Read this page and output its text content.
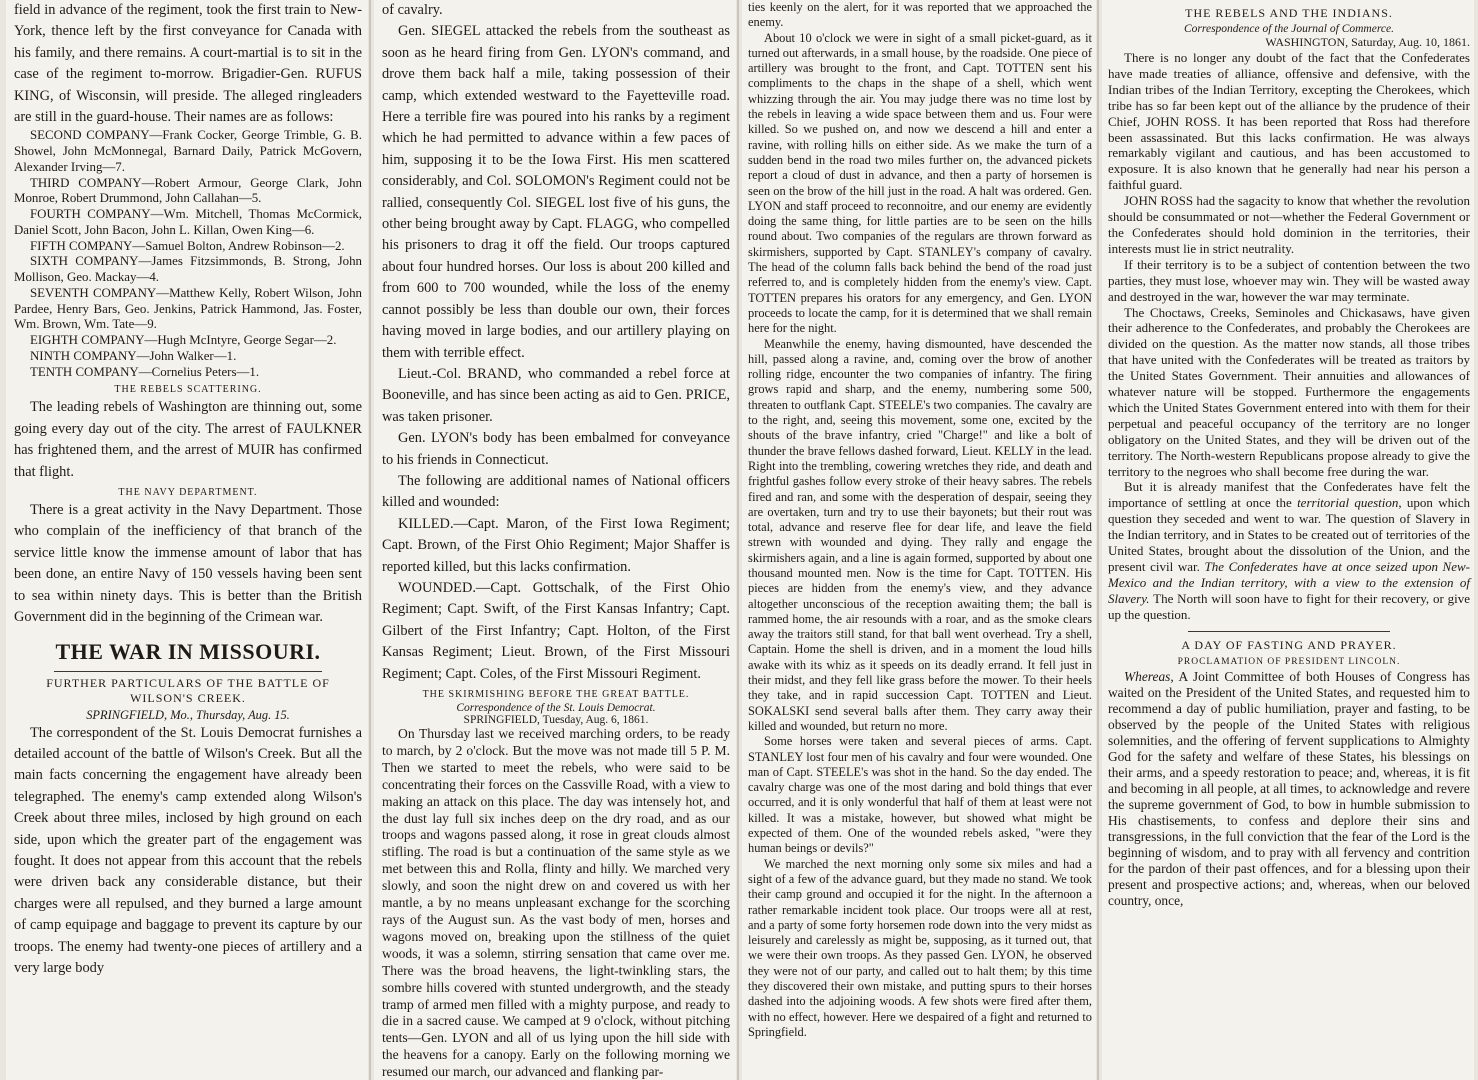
field in advance of the regiment, took the first train to New-York, thence left by the first conveyance for Canada with his family, and there remains. A court-martial is to sit in the case of the regiment to-morrow. Brigadier-Gen. RUFUS KING, of Wisconsin, will preside. The alleged ringleaders are still in the guard-house. Their names are as follows:

SECOND COMPANY—Frank Cocker, George Trimble, G. B. Showel, John McMonnegal, Barnard Daily, Patrick McGovern, Alexander Irving—7.

THIRD COMPANY—Robert Armour, George Clark, John Monroe, Robert Drummond, John Callahan—5.

FOURTH COMPANY—Wm. Mitchell, Thomas McCormick, Daniel Scott, John Bacon, John L. Killan, Owen King—6.

FIFTH COMPANY—Samuel Bolton, Andrew Robinson—2.

SIXTH COMPANY—James Fitzsimmonds, B. Strong, John Mollison, Geo. Mackay—4.

SEVENTH COMPANY—Matthew Kelly, Robert Wilson, John Pardee, Henry Bars, Geo. Jenkins, Patrick Hammond, Jas. Foster, Wm. Brown, Wm. Tate—9.

EIGHTH COMPANY—Hugh McIntyre, George Segar—2.

NINTH COMPANY—John Walker—1.

TENTH COMPANY—Cornelius Peters—1.

THE REBELS SCATTERING.

The leading rebels of Washington are thinning out, some going every day out of the city. The arrest of FAULKNER has frightened them, and the arrest of MUIR has confirmed that flight.

THE NAVY DEPARTMENT.

There is a great activity in the Navy Department. Those who complain of the inefficiency of that branch of the service little know the immense amount of labor that has been done, an entire Navy of 150 vessels having been sent to sea within ninety days. This is better than the British Government did in the beginning of the Crimean war.

THE WAR IN MISSOURI.
FURTHER PARTICULARS OF THE BATTLE OF WILSON'S CREEK.
SPRINGFIELD, Mo., Thursday, Aug. 15.

The correspondent of the St. Louis Democrat furnishes a detailed account of the battle of Wilson's Creek. But all the main facts concerning the engagement have already been telegraphed. The enemy's camp extended along Wilson's Creek about three miles, inclosed by high ground on each side, upon which the greater part of the engagement was fought. It does not appear from this account that the rebels were driven back any considerable distance, but their charges were all repulsed, and they burned a large amount of camp equipage and baggage to prevent its capture by our troops. The enemy had twenty-one pieces of artillery and a very large body

of cavalry.

Gen. SIEGEL attacked the rebels from the southeast as soon as he heard firing from Gen. LYON's command, and drove them back half a mile, taking possession of their camp, which extended westward to the Fayetteville road. Here a terrible fire was poured into his ranks by a regiment which he had permitted to advance within a few paces of him, supposing it to be the Iowa First. His men scattered considerably, and Col. SOLOMON's Regiment could not be rallied, consequently Col. SIEGEL lost five of his guns, the other being brought away by Capt. FLAGG, who compelled his prisoners to drag it off the field. Our troops captured about four hundred horses. Our loss is about 200 killed and from 600 to 700 wounded, while the loss of the enemy cannot possibly be less than double our own, their forces having moved in large bodies, and our artillery playing on them with terrible effect.

Lieut.-Col. BRAND, who commanded a rebel force at Booneville, and has since been acting as aid to Gen. PRICE, was taken prisoner.

Gen. LYON's body has been embalmed for conveyance to his friends in Connecticut.

The following are additional names of National officers killed and wounded:

KILLED.—Capt. Maron, of the First Iowa Regiment; Capt. Brown, of the First Ohio Regiment; Major Shaffer is reported killed, but this lacks confirmation.

WOUNDED.—Capt. Gottschalk, of the First Ohio Regiment; Capt. Swift, of the First Kansas Infantry; Capt. Gilbert of the First Infantry; Capt. Holton, of the First Kansas Regiment; Lieut. Brown, of the First Missouri Regiment; Capt. Coles, of the First Missouri Regiment.

THE SKIRMISHING BEFORE THE GREAT BATTLE.
Correspondence of the St. Louis Democrat.
SPRINGFIELD, Tuesday, Aug. 6, 1861.

On Thursday last we received marching orders, to be ready to march, by 2 o'clock. But the move was not made till 5 P. M. Then we started to meet the rebels, who were said to be concentrating their forces on the Cassville Road, with a view to making an attack on this place. The day was intensely hot, and the dust lay full six inches deep on the dry road, and as our troops and wagons passed along, it rose in great clouds almost stifling. The road is but a continuation of the same style as we met between this and Rolla, flinty and hilly. We marched very slowly, and soon the night drew on and covered us with her mantle, a by no means unpleasant exchange for the scorching rays of the August sun. As the vast body of men, horses and wagons moved on, breaking upon the stillness of the quiet woods, it was a solemn, stirring sensation that came over me. There was the broad heavens, the light-twinkling stars, the sombre hills covered with stunted undergrowth, and the steady tramp of armed men filled with a mighty purpose, and ready to die in a sacred cause. We camped at 9 o'clock, without pitching tents—Gen. LYON and all of us lying upon the hill side with the heavens for a canopy. Early on the following morning we resumed our march, our advanced and flanking par-

ties keenly on the alert, for it was reported that we approached the enemy.

About 10 o'clock we were in sight of a small picket-guard, as it turned out afterwards, in a small house, by the roadside. One piece of artillery was brought to the front, and Capt. TOTTEN sent his compliments to the chaps in the shape of a shell, which went whizzing through the air. You may judge there was no time lost by the rebels in leaving a wide space between them and us. Four were killed. So we pushed on, and now we descend a hill and enter a ravine, with rolling hills on either side. As we make the turn of a sudden bend in the road two miles further on, the advanced pickets report a cloud of dust in advance, and then a party of horsemen is seen on the brow of the hill just in the road. A halt was ordered. Gen. LYON and staff proceed to reconnoitre, and our enemy are evidently doing the same thing, for little parties are to be seen on the hills round about. Two companies of the regulars are thrown forward as skirmishers, supported by Capt. STANLEY's company of cavalry. The head of the column falls back behind the bend of the road just referred to, and is completely hidden from the enemy's view. Capt. TOTTEN prepares his orators for any emergency, and Gen. LYON proceeds to locate the camp, for it is determined that we shall remain here for the night.

Meanwhile the enemy, having dismounted, have descended the hill, passed along a ravine, and, coming over the brow of another rolling ridge, encounter the two companies of infantry. The firing grows rapid and sharp, and the enemy, numbering some 500, threaten to outflank Capt. STEELE's two companies. The cavalry are to the right, and, seeing this movement, some one, excited by the shouts of the brave infantry, cried "Charge!" and like a bolt of thunder the brave fellows dashed forward, Lieut. KELLY in the lead. Right into the trembling, cowering wretches they ride, and death and frightful gashes follow every stroke of their heavy sabres. The rebels fired and ran, and some with the desperation of despair, seeing they are overtaken, turn and try to use their bayonets; but their rout was total, advance and reserve flee for dear life, and leave the field strewn with wounded and dying. They rally and engage the skirmishers again, and a line is again formed, supported by about one thousand mounted men. Now is the time for Capt. TOTTEN. His pieces are hidden from the enemy's view, and they advance altogether unconscious of the reception awaiting them; the ball is rammed home, the air resounds with a roar, and as the smoke clears away the traitors still stand, for that ball went overhead. Try a shell, Captain. Home the shell is driven, and in a moment the loud hills awake with its whiz as it speeds on its deadly errand. It fell just in their midst, and they fell like grass before the mower. To their heels they take, and in rapid succession Capt. TOTTEN and Lieut. SOKALSKI send several balls after them. They carry away their killed and wounded, but return no more.

Some horses were taken and several pieces of arms. Capt. STANLEY lost four men of his cavalry and four were wounded. One man of Capt. STEELE's was shot in the hand. So the day ended. The cavalry charge was one of the most daring and bold things that ever occurred, and it is only wonderful that half of them at least were not killed. It was a mistake, however, but showed what might be expected of them. One of the wounded rebels asked, "were they human beings or devils?"

We marched the next morning only some six miles and had a sight of a few of the advance guard, but they made no stand. We took their camp ground and occupied it for the night. In the afternoon a rather remarkable incident took place. Our troops were all at rest, and a party of some forty horsemen rode down into the very midst as leisurely and carelessly as might be, supposing, as it turned out, that we were their own troops. As they passed Gen. LYON, he observed they were not of our party, and called out to halt them; by this time they discovered their own mistake, and putting spurs to their horses dashed into the adjoining woods. A few shots were fired after them, with no effect, however. Here we despaired of a fight and returned to Springfield.

THE REBELS AND THE INDIANS.
Correspondence of the Journal of Commerce.
WASHINGTON, Saturday, Aug. 10, 1861.

There is no longer any doubt of the fact that the Confederates have made treaties of alliance, offensive and defensive, with the Indian tribes of the Indian Territory, excepting the Cherokees, which tribe has so far been kept out of the alliance by the prudence of their Chief, JOHN ROSS. It has been reported that Ross had therefore been assassinated. But this lacks confirmation. He was always remarkably vigilant and cautious, and has been accustomed to exposure. It is also known that he generally had near his person a faithful guard.

JOHN ROSS had the sagacity to know that whether the revolution should be consummated or not—whether the Federal Government or the Confederates should hold dominion in the territories, their interests must lie in strict neutrality.

If their territory is to be a subject of contention between the two parties, they must lose, whoever may win. They will be wasted away and destroyed in the war, however the war may terminate.

The Choctaws, Creeks, Seminoles and Chickasaws, have given their adherence to the Confederates, and probably the Cherokees are divided on the question. As the matter now stands, all those tribes that have united with the Confederates will be treated as traitors by the United States Government. Their annuities and allowances of whatever nature will be stopped. Furthermore the engagements which the United States Government entered into with them for their perpetual and peaceful occupancy of the territory are no longer obligatory on the United States, and they will be driven out of the territory. The North-western Republicans propose already to give the territory to the negroes who shall become free during the war.

But it is already manifest that the Confederates have felt the importance of settling at once the territorial question, upon which question they seceded and went to war. The question of Slavery in the Indian territory, and in States to be created out of territories of the United States, brought about the dissolution of the Union, and the present civil war. The Confederates have at once seized upon New-Mexico and the Indian territory, with a view to the extension of Slavery. The North will soon have to fight for their recovery, or give up the question.

A DAY OF FASTING AND PRAYER.
PROCLAMATION OF PRESIDENT LINCOLN.

Whereas, A Joint Committee of both Houses of Congress has waited on the President of the United States, and requested him to recommend a day of public humiliation, prayer and fasting, to be observed by the people of the United States with religious solemnities, and the offering of fervent supplications to Almighty God for the safety and welfare of these States, his blessings on their arms, and a speedy restoration to peace; and, whereas, it is fit and becoming in all people, at all times, to acknowledge and revere the supreme government of God, to bow in humble submission to His chastisements, to confess and deplore their sins and transgressions, in the full conviction that the fear of the Lord is the beginning of wisdom, and to pray with all fervency and contrition for the pardon of their past offences, and for a blessing upon their present and prospective actions; and, whereas, when our beloved country, once,
